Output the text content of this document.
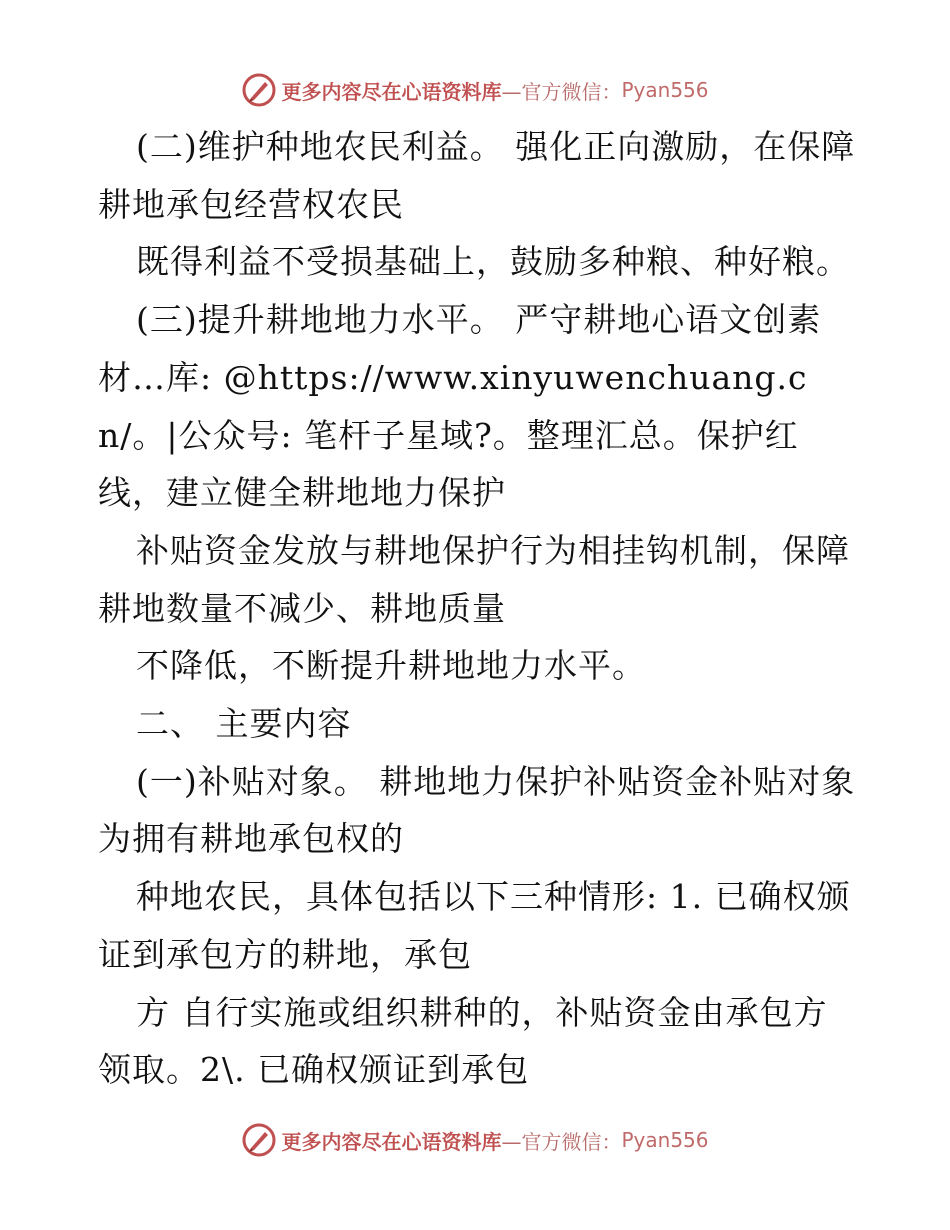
更多内容尽在心语资料库 —官方微信： Pyan556

(二)维护种地农民利益。 强化正向激励，在保障耕地承包经营权农民

既得利益不受损基础上，鼓励多种粮、种好粮。

(三)提升耕地地力水平。 严守耕地心语文创素材…库: @https://www.xinyuwenchuang.cn/。|公众号: 笔杆子星域?。整理汇总。保护红线，建立健全耕地地力保护

补贴资金发放与耕地保护行为相挂钩机制，保障耕地数量不减少、耕地质量

不降低，不断提升耕地地力水平。

二、 主要内容

(一)补贴对象。 耕地地力保护补贴资金补贴对象为拥有耕地承包权的

种地农民，具体包括以下三种情形: 1. 已确权颁证到承包方的耕地，承包

方 自行实施或组织耕种的，补贴资金由承包方领取。2\. 已确权颁证到承包

更多内容尽在心语资料库 —官方微信： Pyan556
